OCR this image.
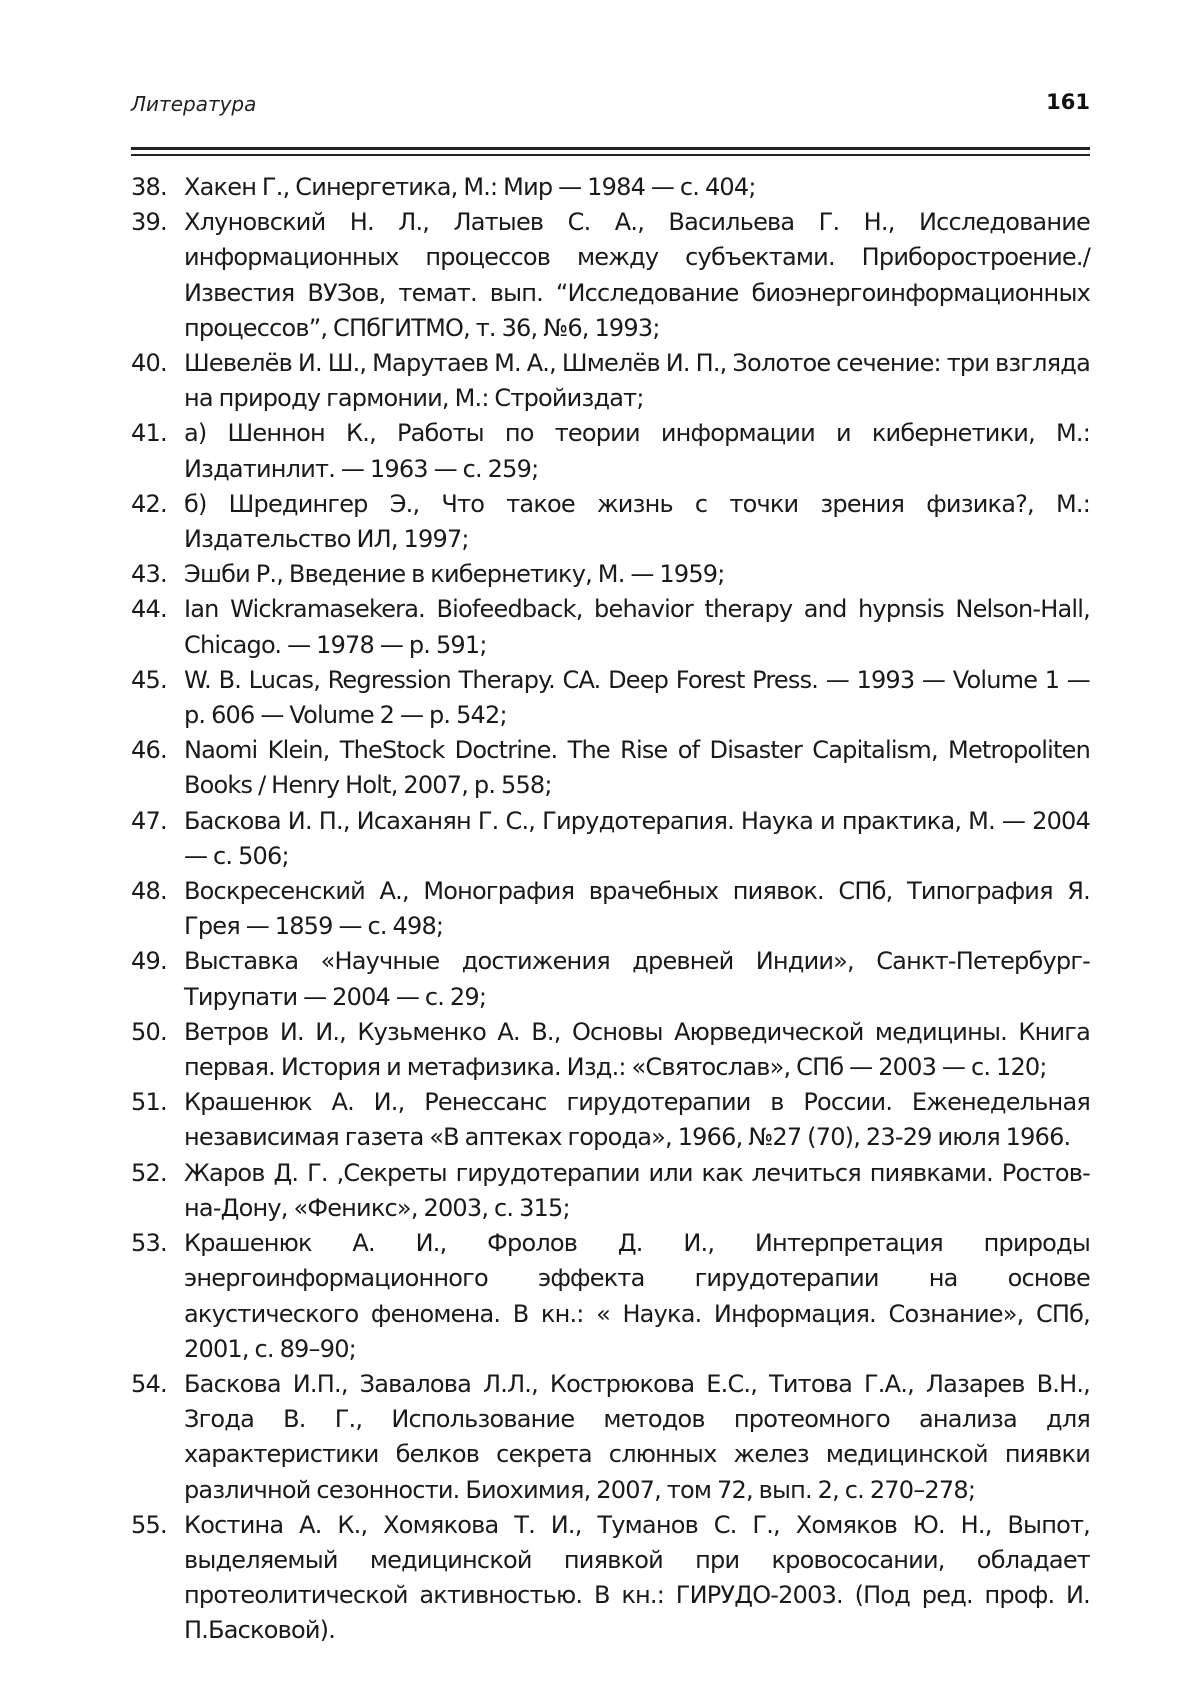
Литература	161
38. Хакен Г., Синергетика, М.: Мир — 1984 — с. 404;
39. Хлуновский Н. Л., Латыев С. А., Васильева Г. Н., Исследование информационных процессов между субъектами. Приборостроение./Известия ВУЗов, темат. вып. “Исследование биоэнергоинформационных процессов”, СПбГИТМО, т. 36, №6, 1993;
40. Шевелёв И. Ш., Марутаев М. А., Шмелёв И. П., Золотое сечение: три взгляда на природу гармонии, М.: Стройиздат;
41. а) Шеннон К., Работы по теории информации и кибернетики, М.: Издатинлит. — 1963 — с. 259;
42. б) Шредингер Э., Что такое жизнь с точки зрения физика?, М.: Издательство ИЛ, 1997;
43. Эшби Р., Введение в кибернетику, М. — 1959;
44. Ian Wickramasekera. Biofeedback, behavior therapy and hypnsis Nelson-Hall, Chicago. — 1978 — p. 591;
45. W. B. Lucas, Regression Therapy. CA. Deep Forest Press. — 1993 — Volume 1 — p. 606 — Volume 2 — p. 542;
46. Naomi Klein, TheStock Doctrine. The Rise of Disaster Capitalism, Metropoliten Books / Henry Holt, 2007, p. 558;
47. Баскова И. П., Исаханян Г. С., Гирудотерапия. Наука и практика, М. — 2004 — с. 506;
48. Воскресенский А., Монография врачебных пиявок. СПб, Типография Я. Грея — 1859 — с. 498;
49. Выставка «Научные достижения древней Индии», Санкт-Петербург-Тирупати — 2004 — с. 29;
50. Ветров И. И., Кузьменко А. В., Основы Аюрведической медицины. Книга первая. История и метафизика. Изд.: «Святослав», СПб — 2003 — с. 120;
51. Крашенюк А. И., Ренессанс гирудотерапии в России. Еженедельная независимая газета «В аптеках города», 1966, №27 (70), 23-29 июля 1966.
52. Жаров Д. Г. ,Секреты гирудотерапии или как лечиться пиявками. Ростов-на-Дону, «Феникс», 2003, с. 315;
53. Крашенюк А. И., Фролов Д. И., Интерпретация природы энергоинформационного эффекта гирудотерапии на основе акустического феномена. В кн.: « Наука. Информация. Сознание», СПб, 2001, с. 89–90;
54. Баскова И.П., Завалова Л.Л., Кострюкова Е.С., Титова Г.А., Лазарев В.Н., Згода В. Г., Использование методов протеомного анализа для характеристики белков секрета слюнных желез медицинской пиявки различной сезонности. Биохимия, 2007, том 72, вып. 2, с. 270–278;
55. Костина А. К., Хомякова Т. И., Туманов С. Г., Хомяков Ю. Н., Выпот, выделяемый медицинской пиявкой при кровососании, обладает протеолитической активностью. В кн.: ГИРУДО-2003. (Под ред. проф. И. П.Басковой).
